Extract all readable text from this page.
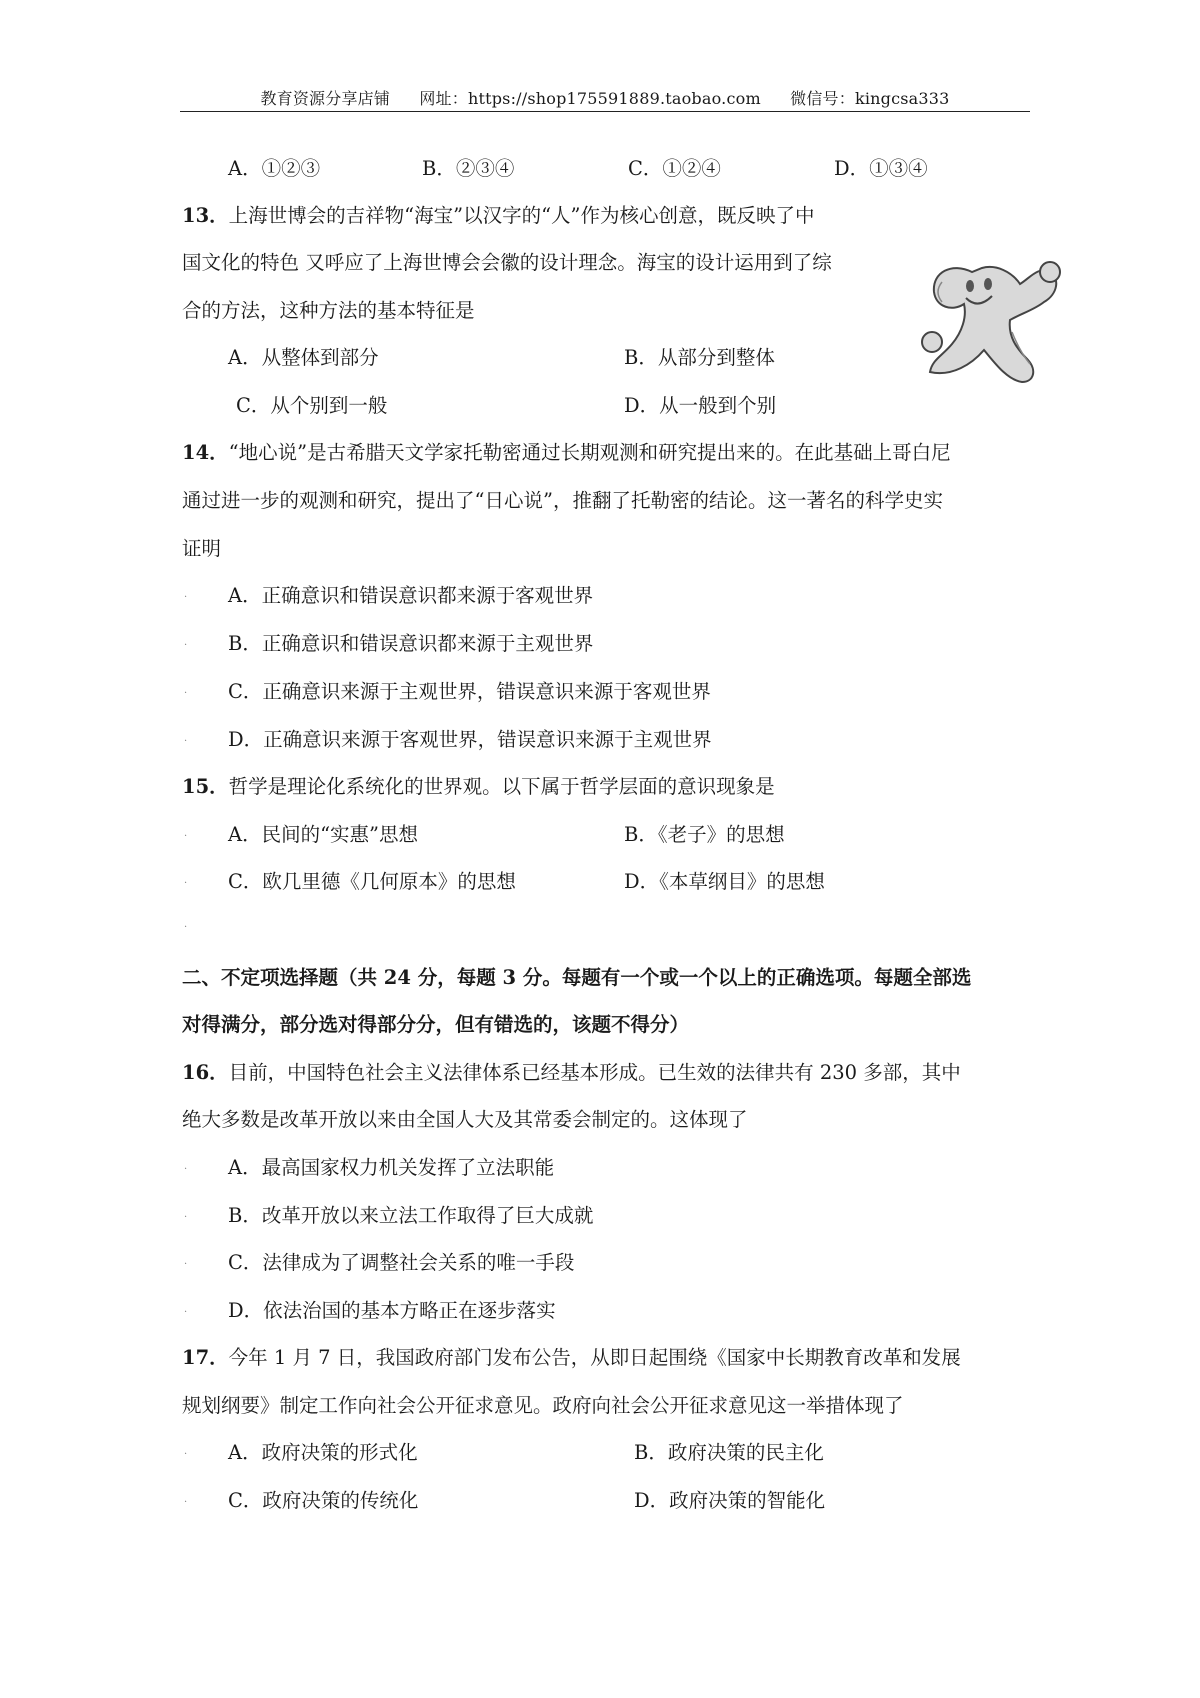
教育资源分享店铺 网址：https://shop175591889.taobao.com 微信号：kingcsa333
A．①②③	B．②③④	C．①②④	D．①③④
13．上海世博会的吉祥物“海宝”以汉字的“人”作为核心创意，既反映了中
国文化的特色 又呼应了上海世博会会徽的设计理念。海宝的设计运用到了综
合的方法，这种方法的基本特征是
A．从整体到部分	B．从部分到整体
C．从个别到一般	D．从一般到个别
14．“地心说”是古希腊天文学家托勒密通过长期观测和研究提出来的。在此基础上哥白尼
通过进一步的观测和研究，提出了“日心说”，推翻了托勒密的结论。这一著名的科学史实
证明
· A．正确意识和错误意识都来源于客观世界
· B．正确意识和错误意识都来源于主观世界
· C．正确意识来源于主观世界，错误意识来源于客观世界
· D．正确意识来源于客观世界，错误意识来源于主观世界
15．哲学是理论化系统化的世界观。以下属于哲学层面的意识现象是
· A．民间的“实惠”思想	B．《老子》的思想
· C．欧几里德《几何原本》的思想	D．《本草纲目》的思想
·
二、不定项选择题（共 24 分，每题 3 分。每题有一个或一个以上的正确选项。每题全部选
对得满分，部分选对得部分分，但有错选的，该题不得分）
16．目前，中国特色社会主义法律体系已经基本形成。已生效的法律共有 230 多部，其中
绝大多数是改革开放以来由全国人大及其常委会制定的。这体现了
· A．最高国家权力机关发挥了立法职能
· B．改革开放以来立法工作取得了巨大成就
· C．法律成为了调整社会关系的唯一手段
· D．依法治国的基本方略正在逐步落实
17．今年 1 月 7 日，我国政府部门发布公告，从即日起围绕《国家中长期教育改革和发展
规划纲要》制定工作向社会公开征求意见。政府向社会公开征求意见这一举措体现了
· A．政府决策的形式化	B．政府决策的民主化
· C．政府决策的传统化	D．政府决策的智能化
